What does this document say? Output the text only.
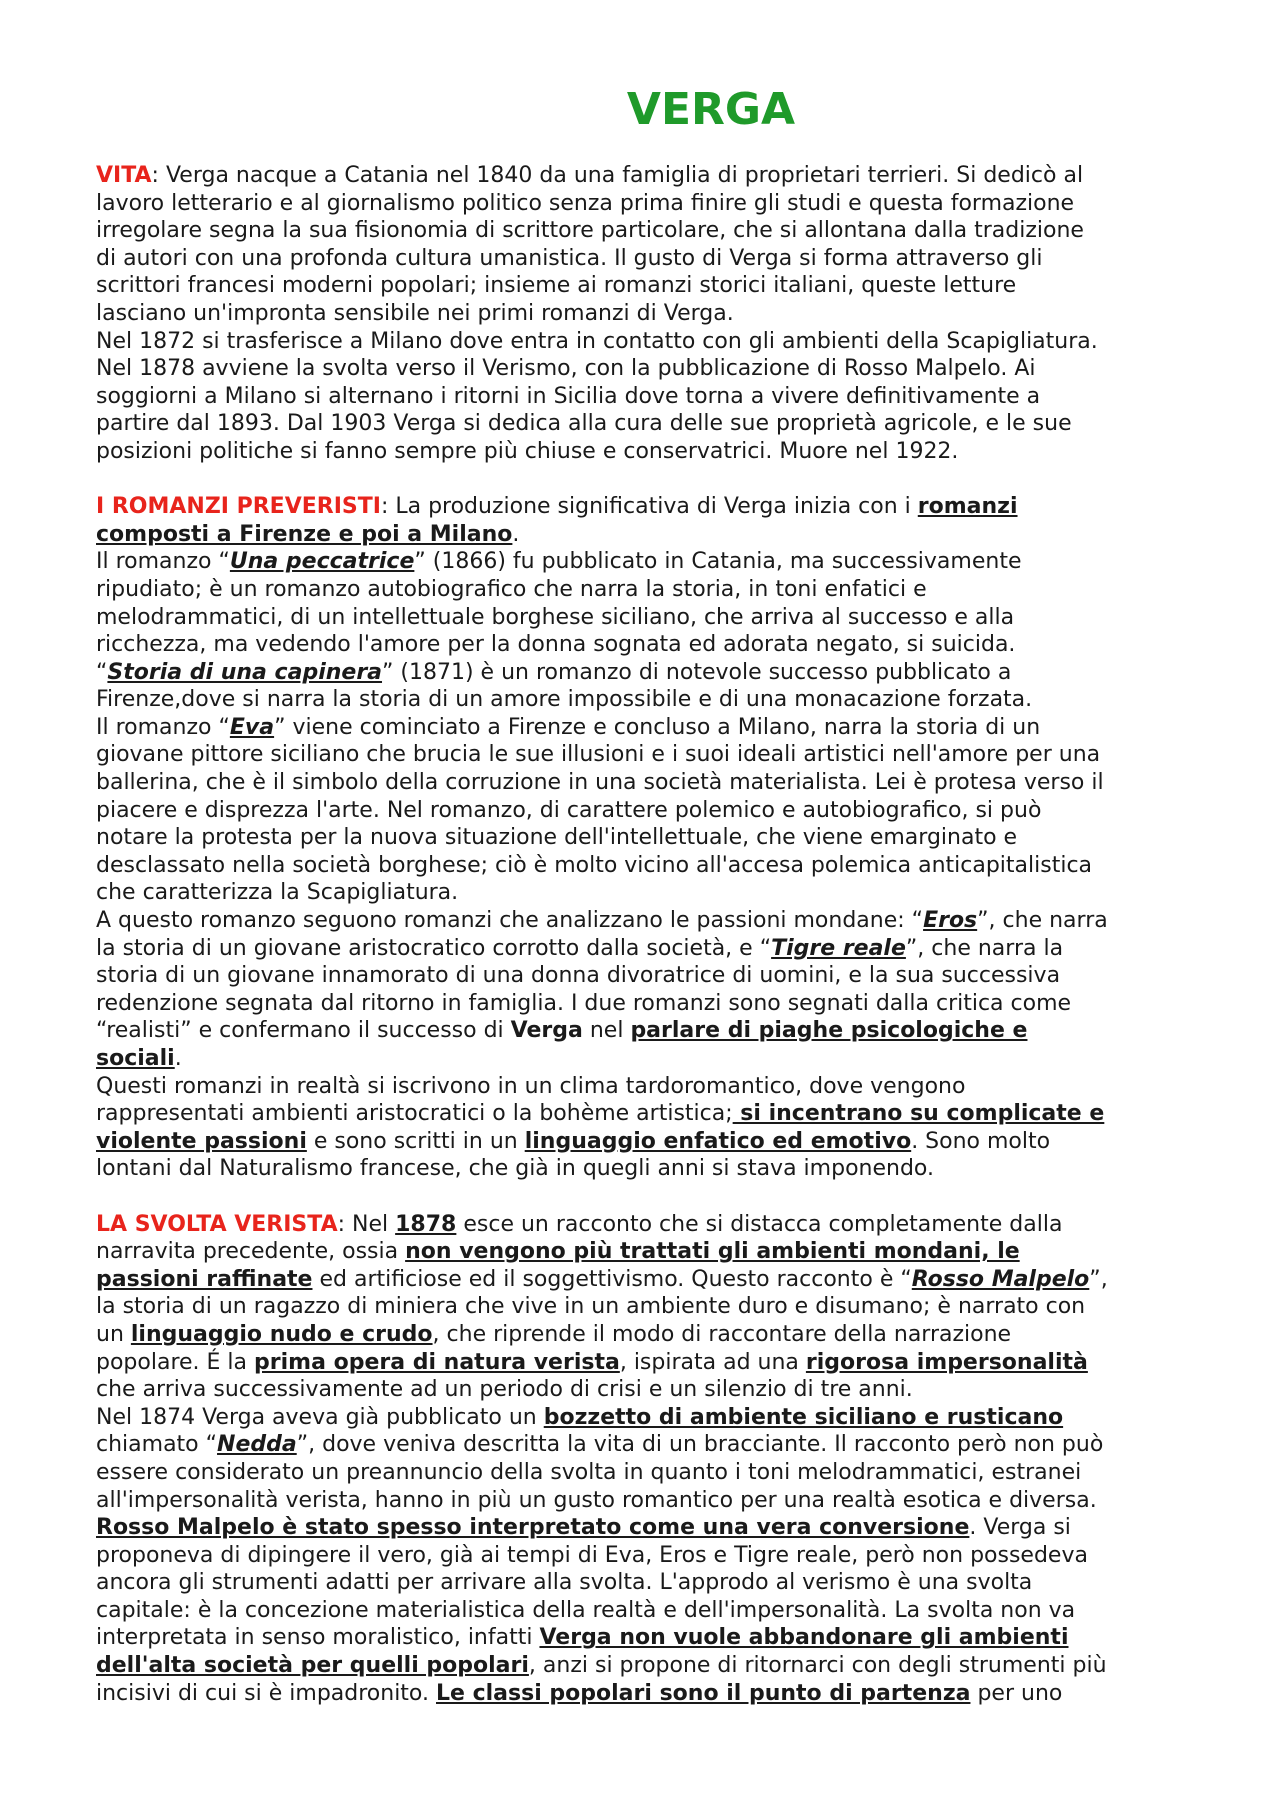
VERGA
VITA: Verga nacque a Catania nel 1840 da una famiglia di proprietari terrieri. Si dedicò al
lavoro letterario e al giornalismo politico senza prima finire gli studi e questa formazione
irregolare segna la sua fisionomia di scrittore particolare, che si allontana dalla tradizione
di autori con una profonda cultura umanistica. Il gusto di Verga si forma attraverso gli
scrittori francesi moderni popolari; insieme ai romanzi storici italiani, queste letture
lasciano un'impronta sensibile nei primi romanzi di Verga.
Nel 1872 si trasferisce a Milano dove entra in contatto con gli ambienti della Scapigliatura.
Nel 1878 avviene la svolta verso il Verismo, con la pubblicazione di Rosso Malpelo. Ai
soggiorni a Milano si alternano i ritorni in Sicilia dove torna a vivere definitivamente a
partire dal 1893. Dal 1903 Verga si dedica alla cura delle sue proprietà agricole, e le sue
posizioni politiche si fanno sempre più chiuse e conservatrici. Muore nel 1922.
I ROMANZI PREVERISTI: La produzione significativa di Verga inizia con i romanzi
composti a Firenze e poi a Milano.
Il romanzo “Una peccatrice” (1866) fu pubblicato in Catania, ma successivamente
ripudiato; è un romanzo autobiografico che narra la storia, in toni enfatici e
melodrammatici, di un intellettuale borghese siciliano, che arriva al successo e alla
ricchezza, ma vedendo l'amore per la donna sognata ed adorata negato, si suicida.
“Storia di una capinera” (1871) è un romanzo di notevole successo pubblicato a
Firenze,dove si narra la storia di un amore impossibile e di una monacazione forzata.
Il romanzo “Eva” viene cominciato a Firenze e concluso a Milano, narra la storia di un
giovane pittore siciliano che brucia le sue illusioni e i suoi ideali artistici nell'amore per una
ballerina, che è il simbolo della corruzione in una società materialista. Lei è protesa verso il
piacere e disprezza l'arte. Nel romanzo, di carattere polemico e autobiografico, si può
notare la protesta per la nuova situazione dell'intellettuale, che viene emarginato e
desclassato nella società borghese; ciò è molto vicino all'accesa polemica anticapitalistica
che caratterizza la Scapigliatura.
A questo romanzo seguono romanzi che analizzano le passioni mondane: “Eros”, che narra
la storia di un giovane aristocratico corrotto dalla società, e “Tigre reale”, che narra la
storia di un giovane innamorato di una donna divoratrice di uomini, e la sua successiva
redenzione segnata dal ritorno in famiglia. I due romanzi sono segnati dalla critica come
“realisti” e confermano il successo di Verga nel parlare di piaghe psicologiche e
sociali.
Questi romanzi in realtà si iscrivono in un clima tardoromantico, dove vengono
rappresentati ambienti aristocratici o la bohème artistica; si incentrano su complicate e
violente passioni e sono scritti in un linguaggio enfatico ed emotivo. Sono molto
lontani dal Naturalismo francese, che già in quegli anni si stava imponendo.
LA SVOLTA VERISTA: Nel 1878 esce un racconto che si distacca completamente dalla
narravita precedente, ossia non vengono più trattati gli ambienti mondani, le
passioni raffinate ed artificiose ed il soggettivismo. Questo racconto è “Rosso Malpelo”,
la storia di un ragazzo di miniera che vive in un ambiente duro e disumano; è narrato con
un linguaggio nudo e crudo, che riprende il modo di raccontare della narrazione
popolare. É la prima opera di natura verista, ispirata ad una rigorosa impersonalità
che arriva successivamente ad un periodo di crisi e un silenzio di tre anni.
Nel 1874 Verga aveva già pubblicato un bozzetto di ambiente siciliano e rusticano
chiamato “Nedda”, dove veniva descritta la vita di un bracciante. Il racconto però non può
essere considerato un preannuncio della svolta in quanto i toni melodrammatici, estranei
all'impersonalità verista, hanno in più un gusto romantico per una realtà esotica e diversa.
Rosso Malpelo è stato spesso interpretato come una vera conversione. Verga si
proponeva di dipingere il vero, già ai tempi di Eva, Eros e Tigre reale, però non possedeva
ancora gli strumenti adatti per arrivare alla svolta. L'approdo al verismo è una svolta
capitale: è la concezione materialistica della realtà e dell'impersonalità. La svolta non va
interpretata in senso moralistico, infatti Verga non vuole abbandonare gli ambienti
dell'alta società per quelli popolari, anzi si propone di ritornarci con degli strumenti più
incisivi di cui si è impadronito. Le classi popolari sono il punto di partenza per uno
